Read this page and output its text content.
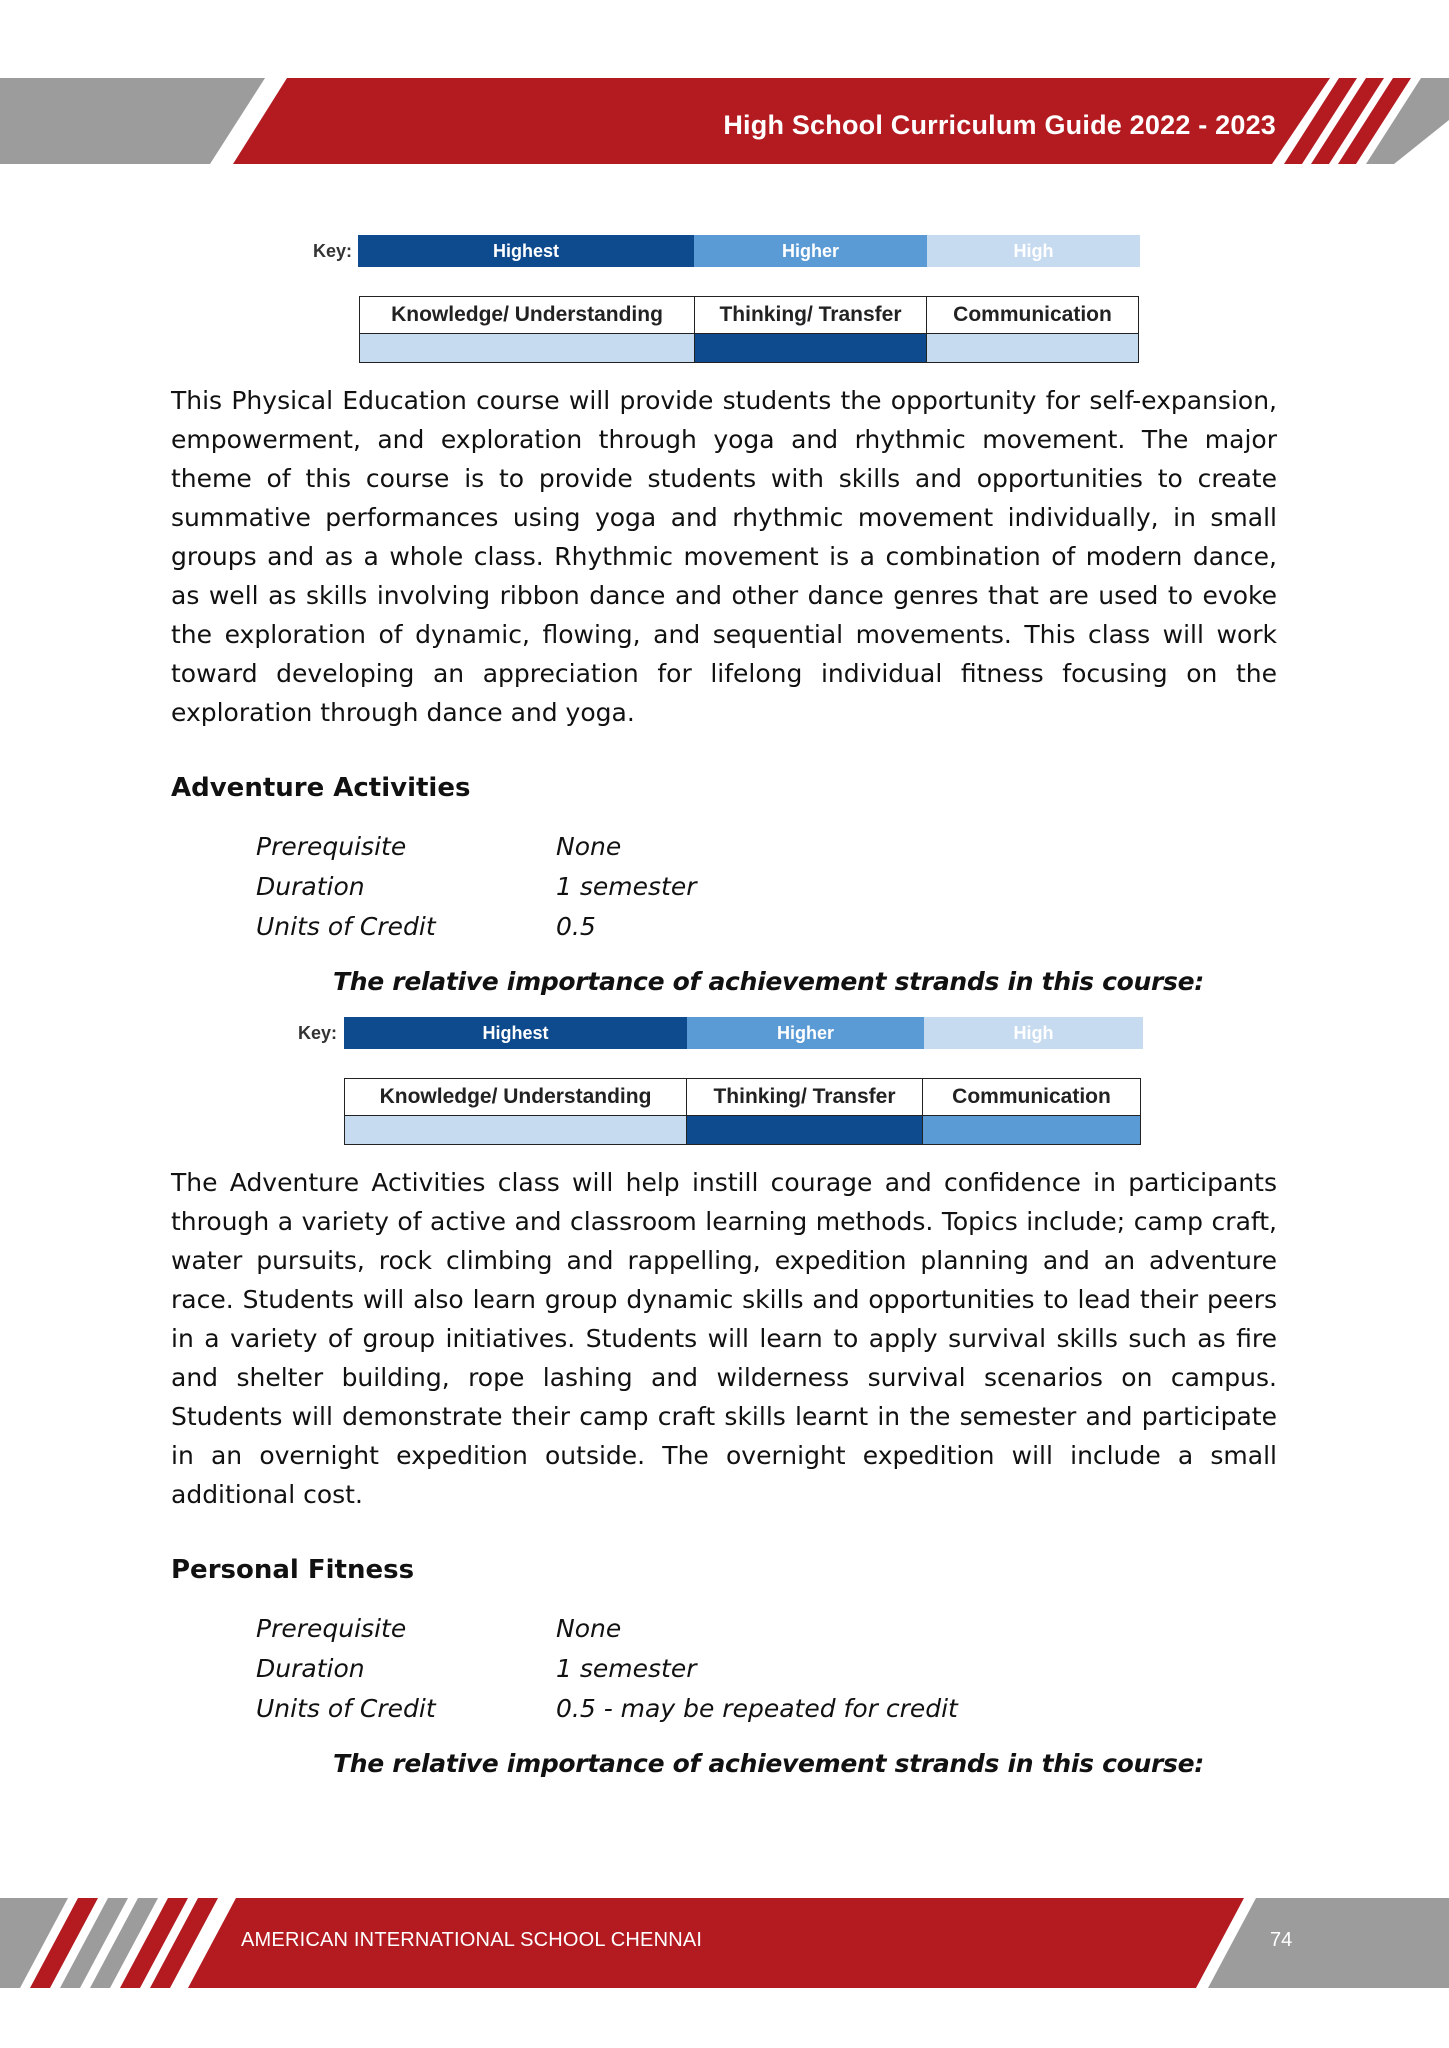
High School Curriculum Guide 2022 - 2023
Key:	Highest	Higher	High
Knowledge/ Understanding	Thinking/ Transfer	Communication

This Physical Education course will provide students the opportunity for self-expansion, empowerment, and exploration through yoga and rhythmic movement. The major theme of this course is to provide students with skills and opportunities to create summative performances using yoga and rhythmic movement individually, in small groups and as a whole class. Rhythmic movement is a combination of modern dance, as well as skills involving ribbon dance and other dance genres that are used to evoke the exploration of dynamic, flowing, and sequential movements. This class will work toward developing an appreciation for lifelong individual fitness focusing on the exploration through dance and yoga.

Adventure Activities
Prerequisite	None
Duration	1 semester
Units of Credit	0.5
The relative importance of achievement strands in this course:
Key:	Highest	Higher	High
Knowledge/ Understanding	Thinking/ Transfer	Communication

The Adventure Activities class will help instill courage and confidence in participants through a variety of active and classroom learning methods. Topics include; camp craft, water pursuits, rock climbing and rappelling, expedition planning and an adventure race. Students will also learn group dynamic skills and opportunities to lead their peers in a variety of group initiatives. Students will learn to apply survival skills such as fire and shelter building, rope lashing and wilderness survival scenarios on campus. Students will demonstrate their camp craft skills learnt in the semester and participate in an overnight expedition outside. The overnight expedition will include a small additional cost.

Personal Fitness
Prerequisite	None
Duration	1 semester
Units of Credit	0.5 - may be repeated for credit
The relative importance of achievement strands in this course:
AMERICAN INTERNATIONAL SCHOOL CHENNAI	74
